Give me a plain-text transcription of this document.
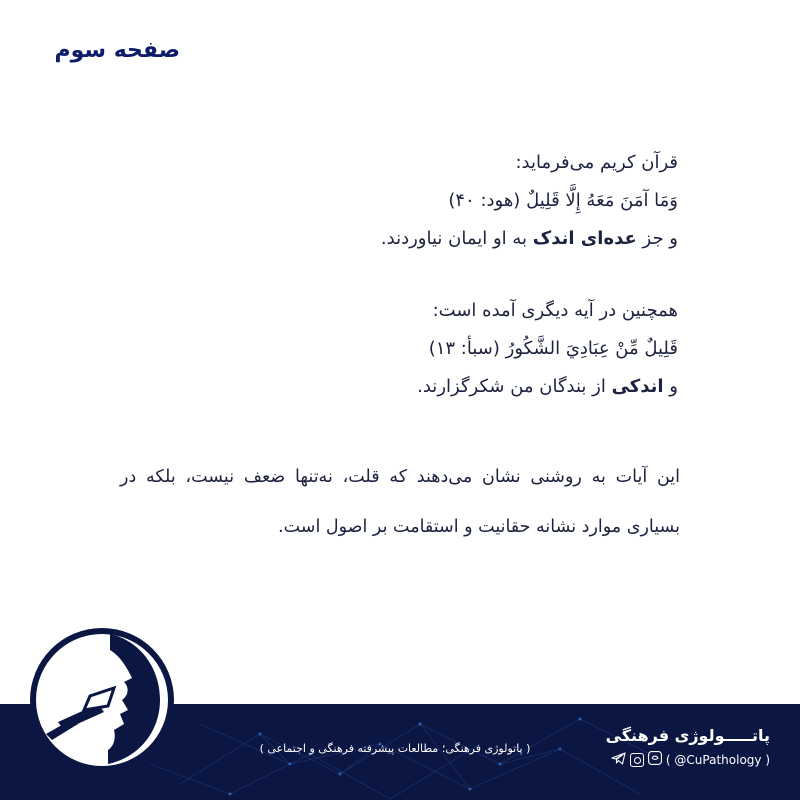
صفحه سوم
قرآن کریم می‌فرماید:
وَمَا آمَنَ مَعَهُ إِلَّا قَلِيلٌ (هود: ۴۰)
و جز عده‌ای اندک به او ایمان نیاوردند.
همچنین در آیه دیگری آمده است:
قَلِيلٌ مِّنْ عِبَادِيَ الشَّكُورُ (سبأ: ۱۳)
و اندکی از بندگان من شکرگزارند.
این آیات به روشنی نشان می‌دهند که قلت، نه‌تنها ضعف نیست، بلکه در بسیاری موارد نشانه حقانیت و استقامت بر اصول است.
( پاتولوژی فرهنگی؛ مطالعات پیشرفته فرهنگی و اجتماعی )
پاتـــــولوژی فرهنگی
( @CuPathology )
